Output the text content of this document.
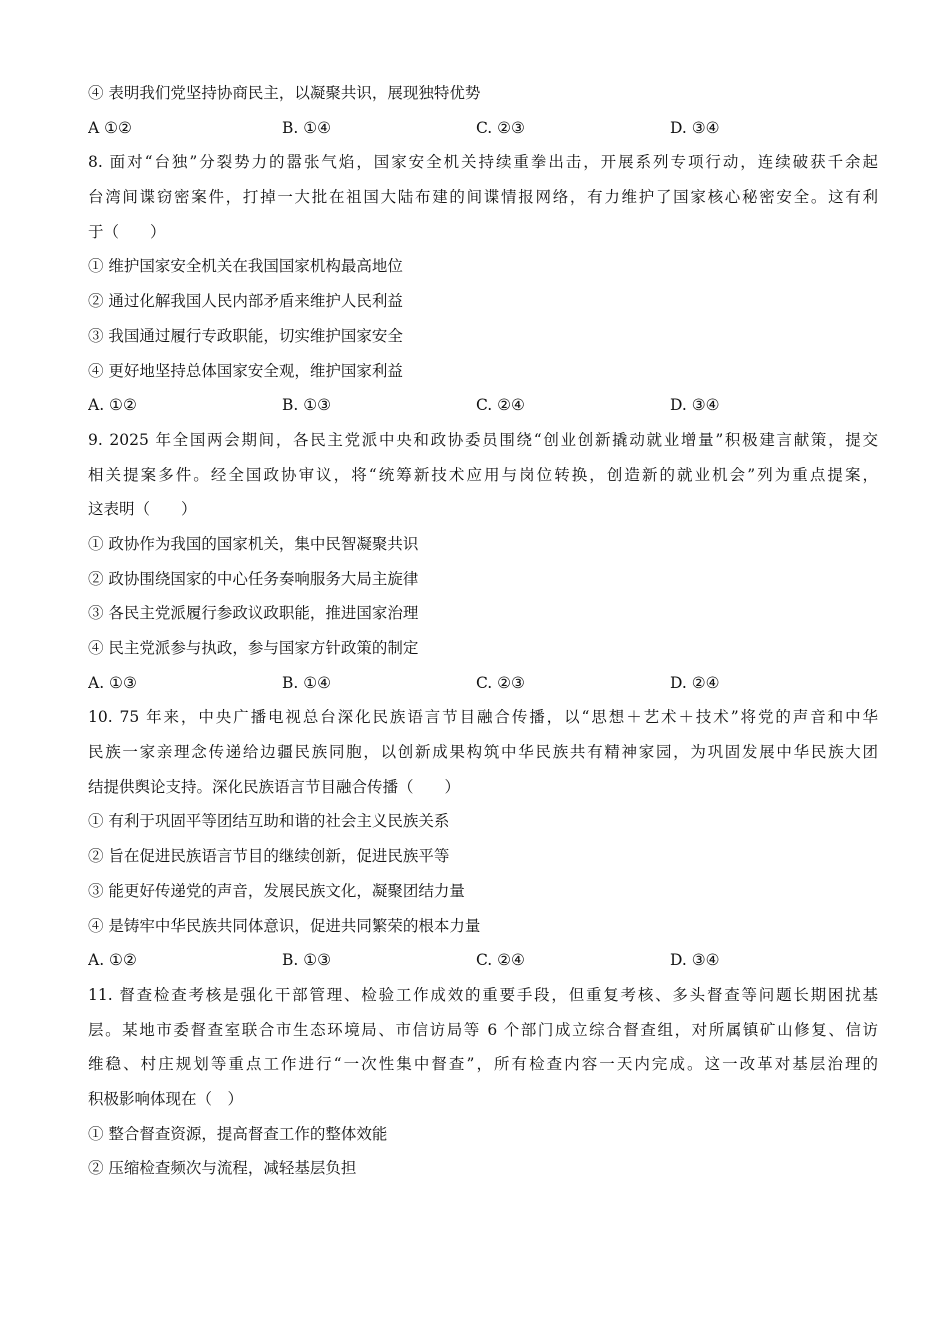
④ 表明我们党坚持协商民主，以凝聚共识，展现独特优势
A ①②	B. ①④	C. ②③	D. ③④
8. 面对“台独”分裂势力的嚣张气焰，国家安全机关持续重拳出击，开展系列专项行动，连续破获千余起
台湾间谍窃密案件，打掉一大批在祖国大陆布建的间谍情报网络，有力维护了国家核心秘密安全。这有利
于（　　）
① 维护国家安全机关在我国国家机构最高地位
② 通过化解我国人民内部矛盾来维护人民利益
③ 我国通过履行专政职能，切实维护国家安全
④ 更好地坚持总体国家安全观，维护国家利益
A. ①②	B. ①③	C. ②④	D. ③④
9. 2025 年全国两会期间，各民主党派中央和政协委员围绕“创业创新撬动就业增量”积极建言献策，提交
相关提案多件。经全国政协审议，将“统筹新技术应用与岗位转换，创造新的就业机会”列为重点提案，
这表明（　　）
① 政协作为我国的国家机关，集中民智凝聚共识
② 政协围绕国家的中心任务奏响服务大局主旋律
③ 各民主党派履行参政议政职能，推进国家治理
④ 民主党派参与执政，参与国家方针政策的制定
A. ①③	B. ①④	C. ②③	D. ②④
10. 75 年来，中央广播电视总台深化民族语言节目融合传播，以“思想＋艺术＋技术”将党的声音和中华
民族一家亲理念传递给边疆民族同胞，以创新成果构筑中华民族共有精神家园，为巩固发展中华民族大团
结提供舆论支持。深化民族语言节目融合传播（　　）
① 有利于巩固平等团结互助和谐的社会主义民族关系
② 旨在促进民族语言节目的继续创新，促进民族平等
③ 能更好传递党的声音，发展民族文化，凝聚团结力量
④ 是铸牢中华民族共同体意识，促进共同繁荣的根本力量
A. ①②	B. ①③	C. ②④	D. ③④
11. 督查检查考核是强化干部管理、检验工作成效的重要手段，但重复考核、多头督查等问题长期困扰基
层。某地市委督查室联合市生态环境局、市信访局等 6 个部门成立综合督查组，对所属镇矿山修复、信访
维稳、村庄规划等重点工作进行“一次性集中督查”，所有检查内容一天内完成。这一改革对基层治理的
积极影响体现在（　）
① 整合督查资源，提高督查工作的整体效能
② 压缩检查频次与流程，减轻基层负担
